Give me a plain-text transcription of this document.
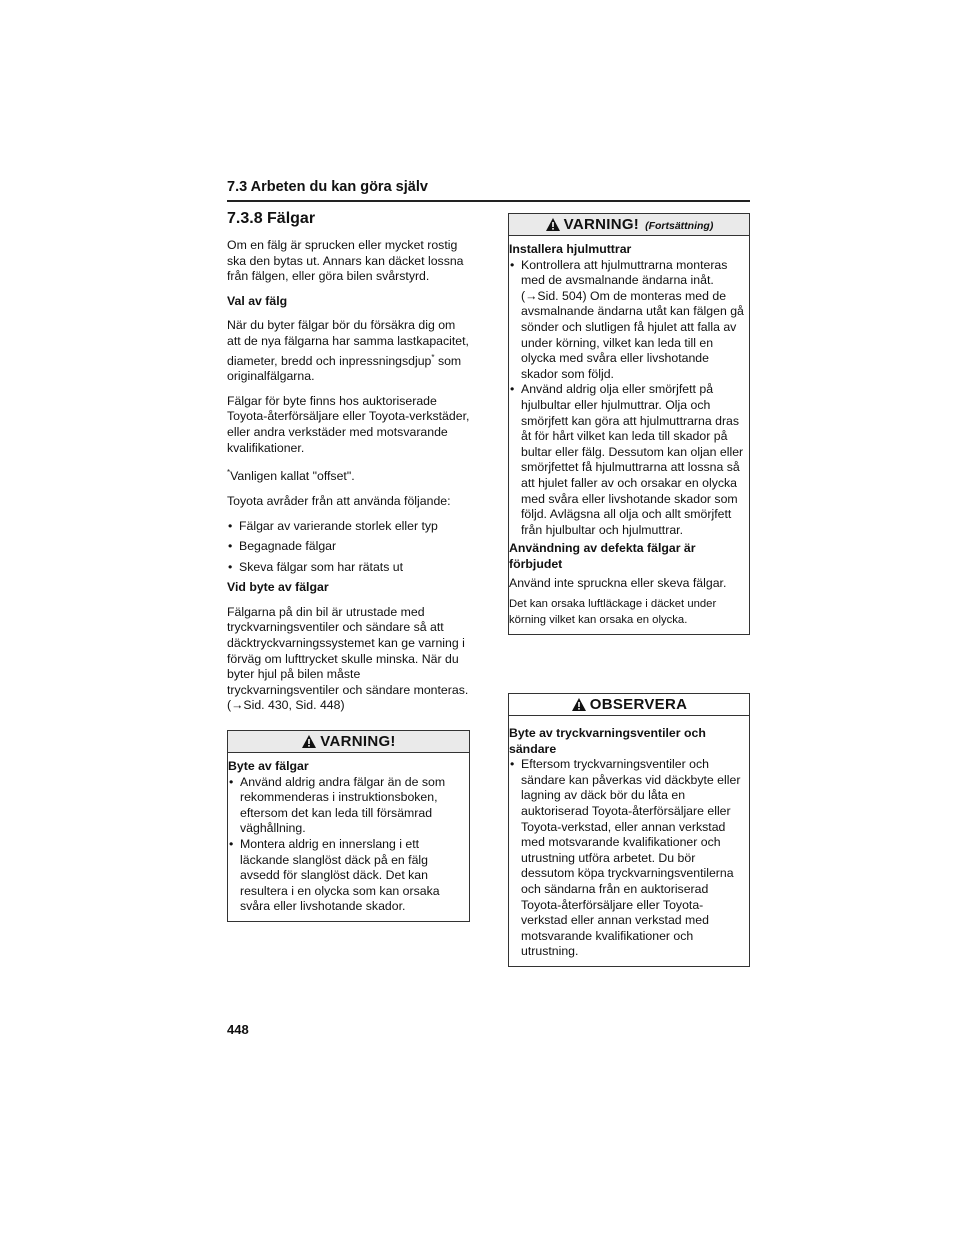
7.3 Arbeten du kan göra själv
7.3.8 Fälgar
Om en fälg är sprucken eller mycket rostig ska den bytas ut. Annars kan däcket lossna från fälgen, eller göra bilen svårstyrd.
Val av fälg
När du byter fälgar bör du försäkra dig om att de nya fälgarna har samma lastkapacitet, diameter, bredd och inpressningsdjup* som originalfälgarna.
Fälgar för byte finns hos auktoriserade Toyota-återförsäljare eller Toyota-verkstäder, eller andra verkstäder med motsvarande kvalifikationer.
*Vanligen kallat "offset".
Toyota avråder från att använda följande:
• Fälgar av varierande storlek eller typ
• Begagnade fälgar
• Skeva fälgar som har rätats ut
Vid byte av fälgar
Fälgarna på din bil är utrustade med tryckvarningsventiler och sändare så att däcktryckvarningssystemet kan ge varning i förväg om lufttrycket skulle minska. När du byter hjul på bilen måste tryckvarningsventiler och sändare monteras. (→Sid. 430, Sid. 448)
VARNING!
Byte av fälgar
• Använd aldrig andra fälgar än de som rekommenderas i instruktionsboken, eftersom det kan leda till försämrad väghållning.
• Montera aldrig en innerslang i ett läckande slanglöst däck på en fälg avsedd för slanglöst däck. Det kan resultera i en olycka som kan orsaka svåra eller livshotande skador.
VARNING! (Fortsättning)
Installera hjulmuttrar
• Kontrollera att hjulmuttrarna monteras med de avsmalnande ändarna inåt. (→Sid. 504) Om de monteras med de avsmalnande ändarna utåt kan fälgen gå sönder och slutligen få hjulet att falla av under körning, vilket kan leda till en olycka med svåra eller livshotande skador som följd.
• Använd aldrig olja eller smörjfett på hjulbultar eller hjulmuttrar. Olja och smörjfett kan göra att hjulmuttrarna dras åt för hårt vilket kan leda till skador på bultar eller fälg. Dessutom kan oljan eller smörjfettet få hjulmuttrarna att lossna så att hjulet faller av och orsakar en olycka med svåra eller livshotande skador som följd. Avlägsna all olja och allt smörjfett från hjulbultar och hjulmuttrar.
Användning av defekta fälgar är förbjudet
Använd inte spruckna eller skeva fälgar.
Det kan orsaka luftläckage i däcket under körning vilket kan orsaka en olycka.
OBSERVERA
Byte av tryckvarningsventiler och sändare
• Eftersom tryckvarningsventiler och sändare kan påverkas vid däckbyte eller lagning av däck bör du låta en auktoriserad Toyota-återförsäljare eller Toyota-verkstad, eller annan verkstad med motsvarande kvalifikationer och utrustning utföra arbetet. Du bör dessutom köpa tryckvarningsventilerna och sändarna från en auktoriserad Toyota-återförsäljare eller Toyota-verkstad eller annan verkstad med motsvarande kvalifikationer och utrustning.
448
